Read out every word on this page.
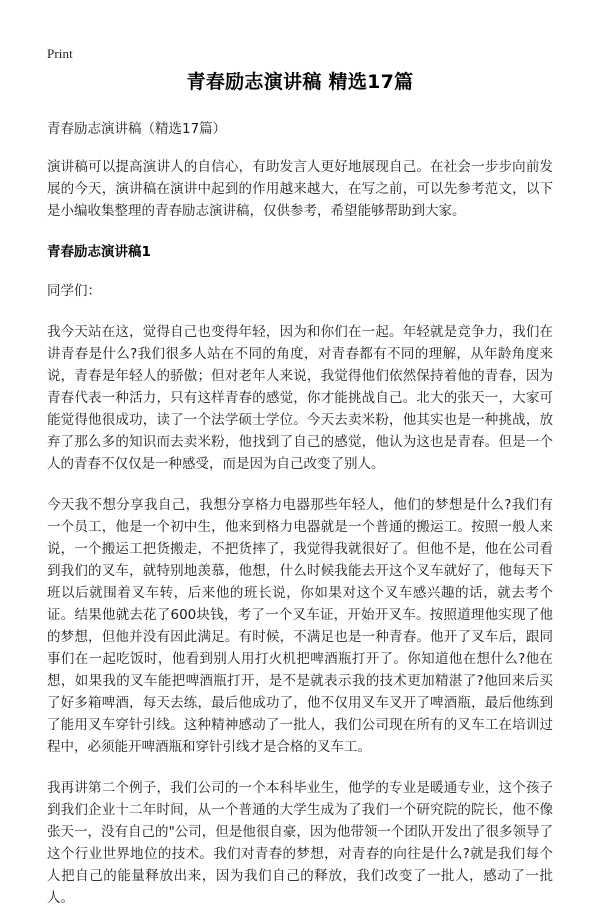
Print
青春励志演讲稿 精选17篇

青春励志演讲稿（精选17篇）

演讲稿可以提高演讲人的自信心，有助发言人更好地展现自己。在社会一步步向前发展的今天，演讲稿在演讲中起到的作用越来越大，在写之前，可以先参考范文，以下是小编收集整理的青春励志演讲稿，仅供参考，希望能够帮助到大家。

青春励志演讲稿1

同学们：

我今天站在这，觉得自己也变得年轻，因为和你们在一起。年轻就是竞争力，我们在讲青春是什么?我们很多人站在不同的角度，对青春都有不同的理解，从年龄角度来说，青春是年轻人的骄傲；但对老年人来说，我觉得他们依然保持着他的青春，因为青春代表一种活力，只有这样青春的感觉，你才能挑战自己。北大的张天一，大家可能觉得他很成功，读了一个法学硕士学位。今天去卖米粉，他其实也是一种挑战，放弃了那么多的知识而去卖米粉，他找到了自己的感觉，他认为这也是青春。但是一个人的青春不仅仅是一种感受，而是因为自己改变了别人。

今天我不想分享我自己，我想分享格力电器那些年轻人，他们的梦想是什么?我们有一个员工，他是一个初中生，他来到格力电器就是一个普通的搬运工。按照一般人来说，一个搬运工把货搬走，不把货摔了，我觉得我就很好了。但他不是，他在公司看到我们的叉车，就特别地羡慕，他想，什么时候我能去开这个叉车就好了，他每天下班以后就围着叉车转，后来他的班长说，你如果对这个叉车感兴趣的话，就去考个证。结果他就去花了600块钱，考了一个叉车证，开始开叉车。按照道理他实现了他的梦想，但他并没有因此满足。有时候，不满足也是一种青春。他开了叉车后，跟同事们在一起吃饭时，他看到别人用打火机把啤酒瓶打开了。你知道他在想什么?他在想，如果我的叉车能把啤酒瓶打开，是不是就表示我的技术更加精湛了?他回来后买了好多箱啤酒，每天去练，最后他成功了，他不仅用叉车叉开了啤酒瓶，最后他练到了能用叉车穿针引线。这种精神感动了一批人，我们公司现在所有的叉车工在培训过程中，必须能开啤酒瓶和穿针引线才是合格的叉车工。

我再讲第二个例子，我们公司的一个本科毕业生，他学的专业是暖通专业，这个孩子到我们企业十二年时间，从一个普通的大学生成为了我们一个研究院的院长，他不像张天一，没有自己的"公司，但是他很自豪，因为他带领一个团队开发出了很多领导了这个行业世界地位的技术。我们对青春的梦想，对青春的向往是什么?就是我们每个人把自己的能量释放出来，因为我们自己的释放，我们改变了一批人，感动了一批人。
